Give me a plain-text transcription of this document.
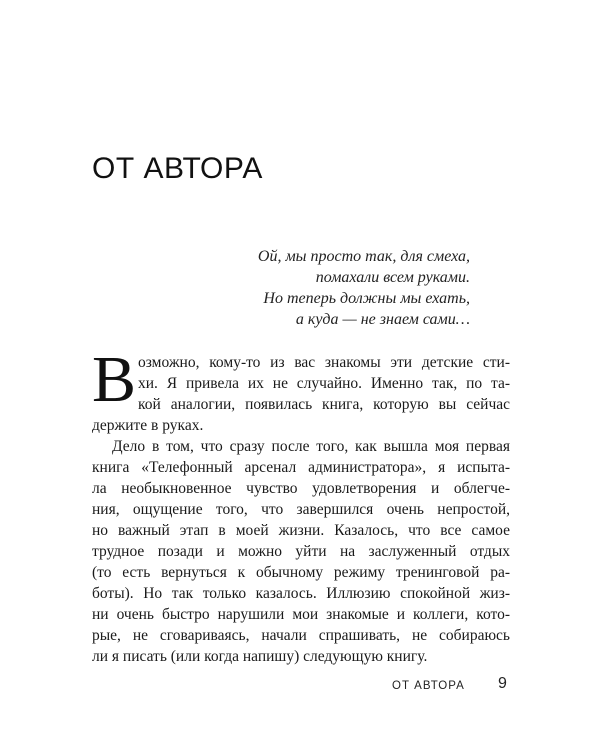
ОТ АВТОРА
Ой, мы просто так, для смеха,
помахали всем руками.
Но теперь должны мы ехать,
а куда — не знаем сами…
В озможно, кому-то из вас знакомы эти детские сти-
хи. Я привела их не случайно. Именно так, по та-
кой аналогии, появилась книга, которую вы сейчас
держите в руках.
Дело в том, что сразу после того, как вышла моя первая
книга «Телефонный арсенал администратора», я испыта-
ла необыкновенное чувство удовлетворения и облегче-
ния, ощущение того, что завершился очень непростой,
но важный этап в моей жизни. Казалось, что все самое
трудное позади и можно уйти на заслуженный отдых
(то есть вернуться к обычному режиму тренинговой ра-
боты). Но так только казалось. Иллюзию спокойной жиз-
ни очень быстро нарушили мои знакомые и коллеги, кото-
рые, не сговариваясь, начали спрашивать, не собираюсь
ли я писать (или когда напишу) следующую книгу.
ОТ АВТОРА 9
